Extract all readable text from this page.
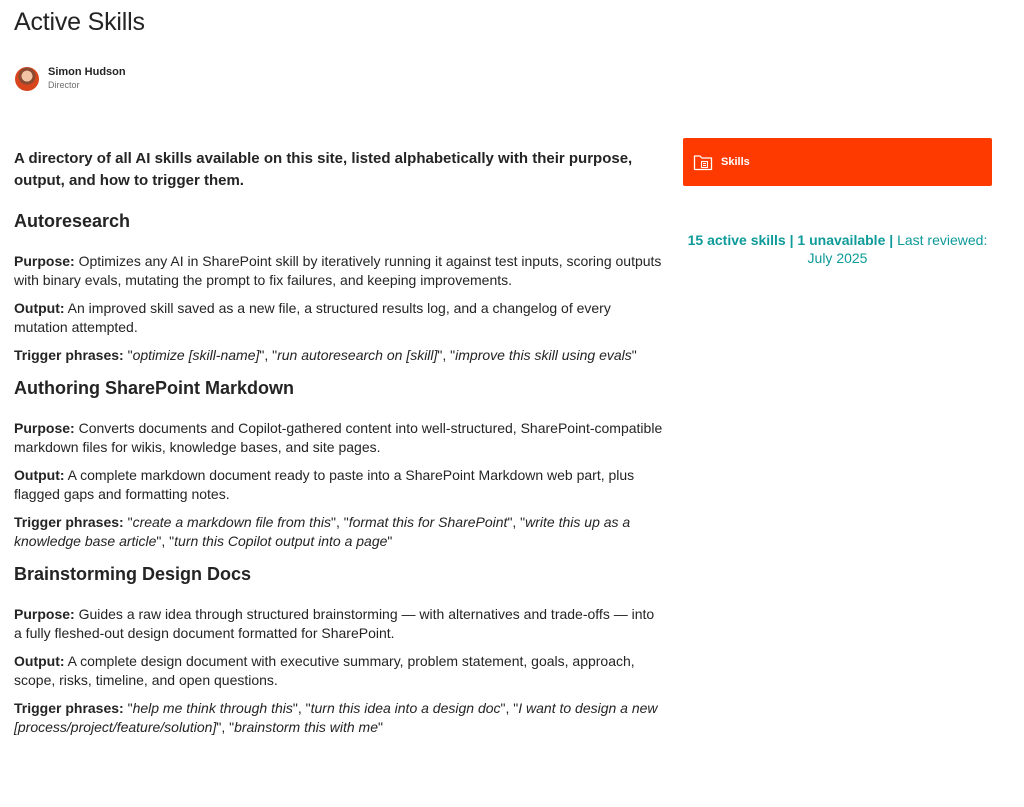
Active Skills
Simon Hudson
Director

A directory of all AI skills available on this site, listed alphabetically with their purpose, output, and how to trigger them.

Autoresearch

Purpose: Optimizes any AI in SharePoint skill by iteratively running it against test inputs, scoring outputs with binary evals, mutating the prompt to fix failures, and keeping improvements.

Output: An improved skill saved as a new file, a structured results log, and a changelog of every mutation attempted.

Trigger phrases: "optimize [skill-name]", "run autoresearch on [skill]", "improve this skill using evals"

Authoring SharePoint Markdown

Purpose: Converts documents and Copilot-gathered content into well-structured, SharePoint-compatible markdown files for wikis, knowledge bases, and site pages.

Output: A complete markdown document ready to paste into a SharePoint Markdown web part, plus flagged gaps and formatting notes.

Trigger phrases: "create a markdown file from this", "format this for SharePoint", "write this up as a knowledge base article", "turn this Copilot output into a page"

Brainstorming Design Docs

Purpose: Guides a raw idea through structured brainstorming — with alternatives and trade-offs — into a fully fleshed-out design document formatted for SharePoint.

Output: A complete design document with executive summary, problem statement, goals, approach, scope, risks, timeline, and open questions.

Trigger phrases: "help me think through this", "turn this idea into a design doc", "I want to design a new [process/project/feature/solution]", "brainstorm this with me"

Skills
15 active skills | 1 unavailable | Last reviewed: July 2025
